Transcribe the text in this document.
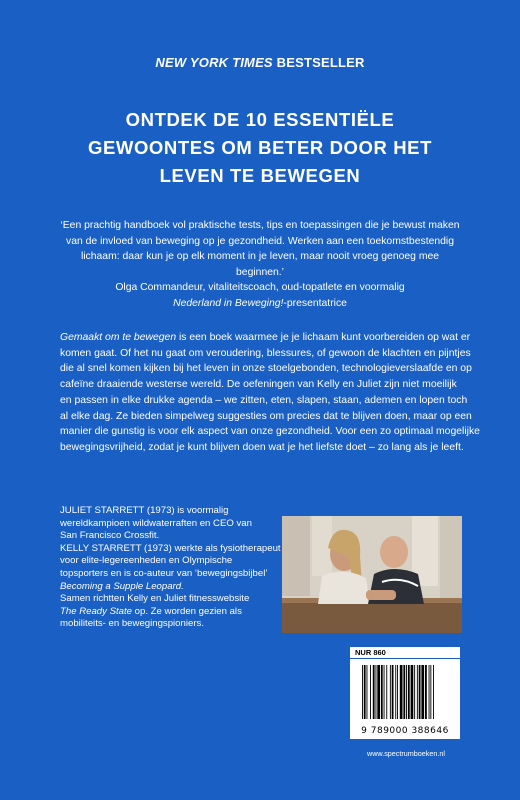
NEW YORK TIMES BESTSELLER
ONTDEK DE 10 ESSENTIËLE
GEWOONTES OM BETER DOOR HET
LEVEN TE BEWEGEN
‘Een prachtig handboek vol praktische tests, tips en toepassingen die je bewust maken
van de invloed van beweging op je gezondheid. Werken aan een toekomstbestendig
lichaam: daar kun je op elk moment in je leven, maar nooit vroeg genoeg mee beginnen.’
Olga Commandeur, vitaliteitscoach, oud-topatlete en voormalig
Nederland in Beweging!-presentatrice
Gemaakt om te bewegen is een boek waarmee je je lichaam kunt voorbereiden op wat er
komen gaat. Of het nu gaat om veroudering, blessures, of gewoon de klachten en pijntjes
die al snel komen kijken bij het leven in onze stoelgebonden, technologieverslaafde en op
cafeïne draaiende westerse wereld. De oefeningen van Kelly en Juliet zijn niet moeilijk
en passen in elke drukke agenda – we zitten, eten, slapen, staan, ademen en lopen toch
al elke dag. Ze bieden simpelweg suggesties om precies dat te blijven doen, maar op een
manier die gunstig is voor elk aspect van onze gezondheid. Voor een zo optimaal mogelijke
bewegingsvrijheid, zodat je kunt blijven doen wat je het liefste doet – zo lang als je leeft.
JULIET STARRETT (1973) is voormalig
wereldkampioen wildwaterraften en CEO van
San Francisco Crossfit.
KELLY STARRETT (1973) werkte als fysiotherapeut
voor elite-legereenheden en Olympische
topsporters en is co-auteur van ‘bewegingsbijbel’
Becoming a Supple Leopard.
Samen richtten Kelly en Juliet fitnesswebsite
The Ready State op. Ze worden gezien als
mobiliteits- en bewegingspioniers.
NUR 860
9 789000 388646
www.spectrumboeken.nl
